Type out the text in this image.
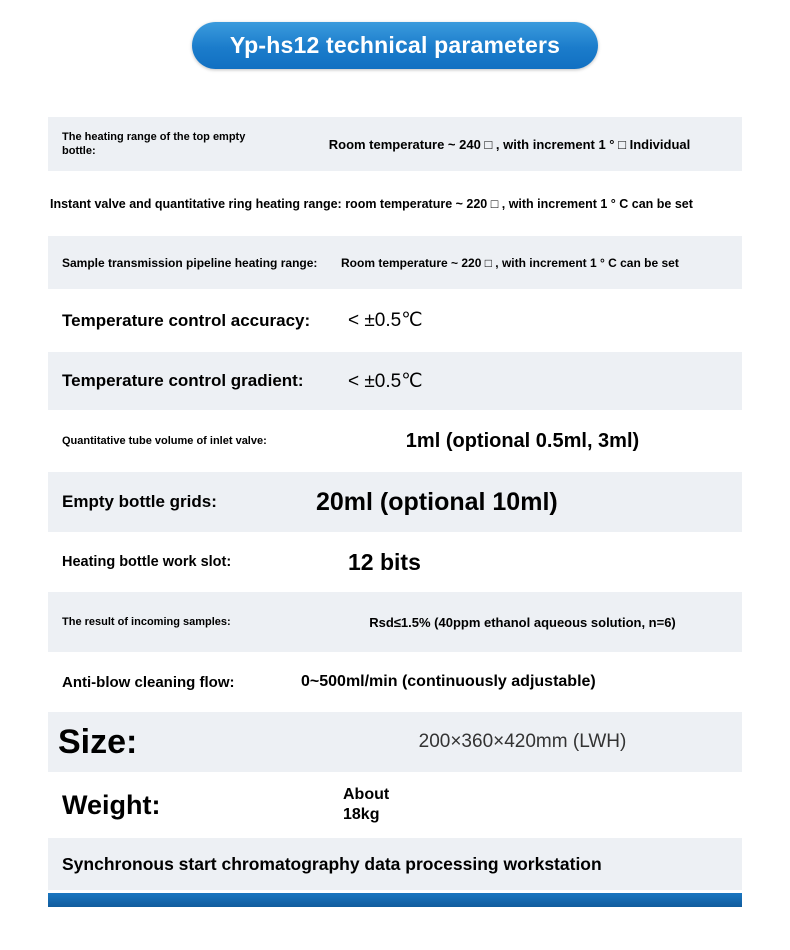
Yp-hs12 technical parameters
The heating range of the top empty bottle:	Room temperature ~ 240 □ , with increment 1 ° □ Individual
Instant valve and quantitative ring heating range: room temperature ~ 220 □ , with increment 1 ° C can be set
Sample transmission pipeline heating range:	Room temperature ~ 220 □ , with increment 1 ° C can be set
Temperature control accuracy:	< ±0.5℃
Temperature control gradient:	< ±0.5℃
Quantitative tube volume of inlet valve:	1ml (optional 0.5ml, 3ml)
Empty bottle grids:	20ml (optional 10ml)
Heating bottle work slot:	12 bits
The result of incoming samples:	Rsd≤1.5% (40ppm ethanol aqueous solution, n=6)
Anti-blow cleaning flow:	0~500ml/min (continuously adjustable)
Size:	200×360×420mm (LWH)
Weight:	About
18kg
Synchronous start chromatography data processing workstation
